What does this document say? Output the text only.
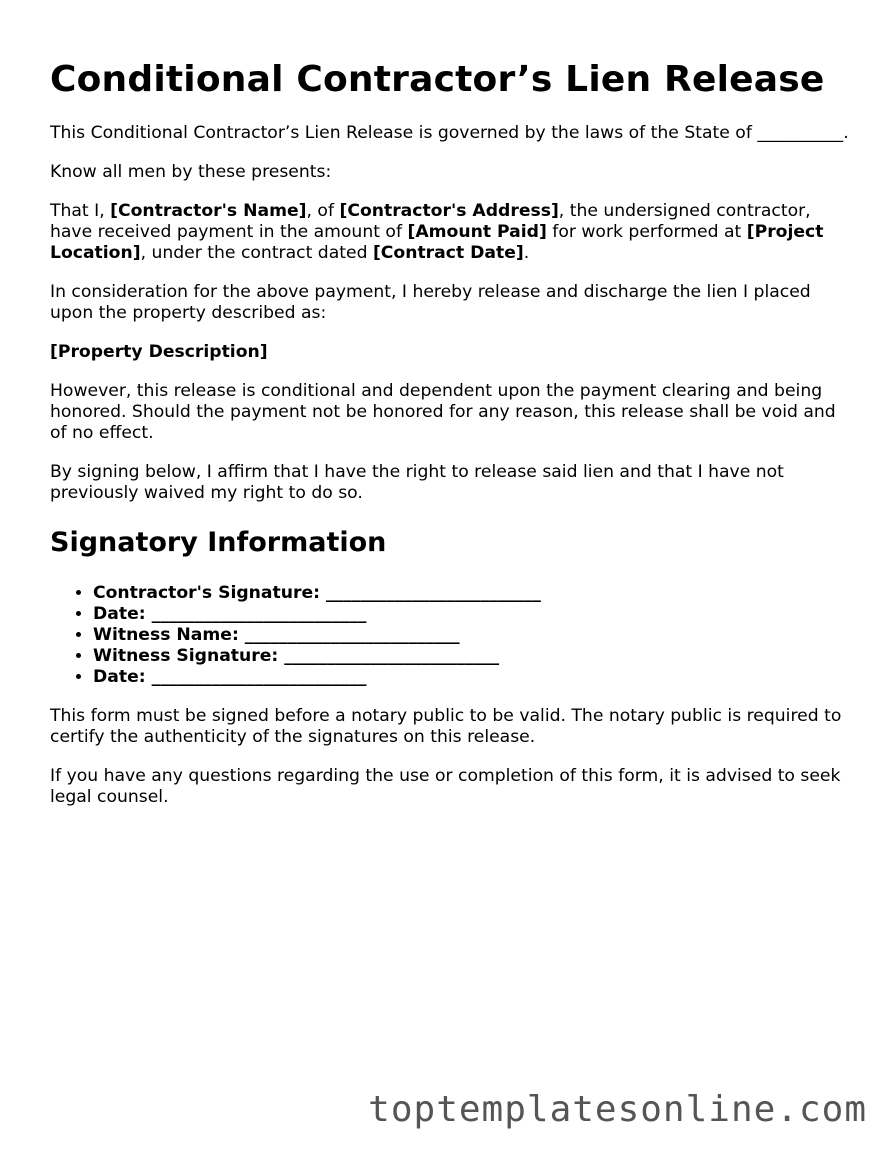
Conditional Contractor’s Lien Release

This Conditional Contractor’s Lien Release is governed by the laws of the State of __________.

Know all men by these presents:

That I, [Contractor's Name], of [Contractor's Address], the undersigned contractor, have received payment in the amount of [Amount Paid] for work performed at [Project Location], under the contract dated [Contract Date].

In consideration for the above payment, I hereby release and discharge the lien I placed upon the property described as:

[Property Description]

However, this release is conditional and dependent upon the payment clearing and being honored. Should the payment not be honored for any reason, this release shall be void and of no effect.

By signing below, I affirm that I have the right to release said lien and that I have not previously waived my right to do so.

Signatory Information
• Contractor's Signature: _________________________
• Date: _________________________
• Witness Name: _________________________
• Witness Signature: _________________________
• Date: _________________________

This form must be signed before a notary public to be valid. The notary public is required to certify the authenticity of the signatures on this release.

If you have any questions regarding the use or completion of this form, it is advised to seek legal counsel.

toptemplatesonline.com
